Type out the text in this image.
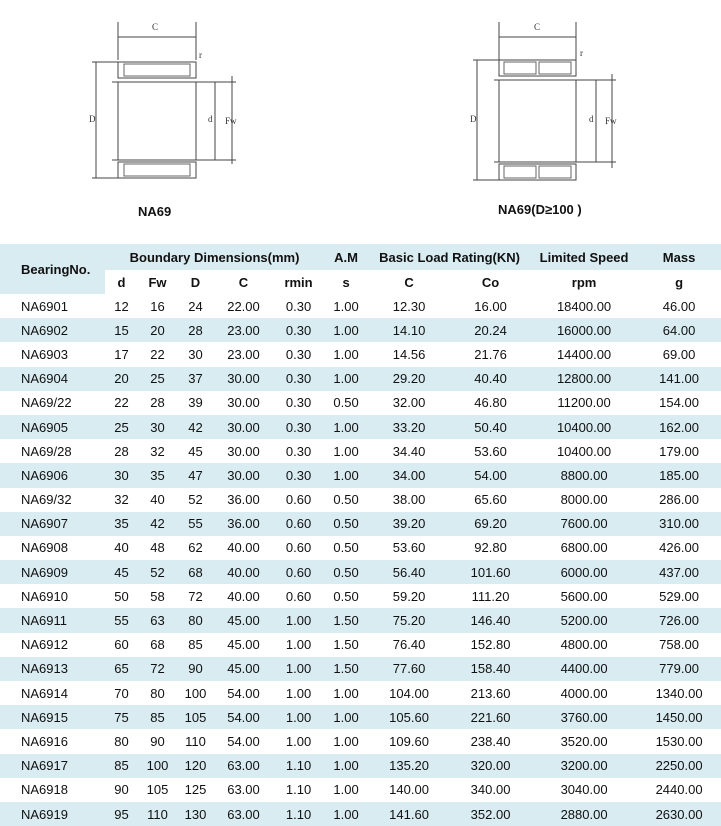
C
r
D	d Fw
NA69
C
r
D	d Fw
NA69(D≥100 )
BearingNo.	Boundary Dimensions(mm)					A.M	Basic Load Rating(KN)		Limited Speed	Mass
	d	Fw	D	C	rmin	s	C	Co	rpm	g
NA6901	12	16	24	22.00	0.30	1.00	12.30	16.00	18400.00	46.00
NA6902	15	20	28	23.00	0.30	1.00	14.10	20.24	16000.00	64.00
NA6903	17	22	30	23.00	0.30	1.00	14.56	21.76	14400.00	69.00
NA6904	20	25	37	30.00	0.30	1.00	29.20	40.40	12800.00	141.00
NA69/22	22	28	39	30.00	0.30	0.50	32.00	46.80	11200.00	154.00
NA6905	25	30	42	30.00	0.30	1.00	33.20	50.40	10400.00	162.00
NA69/28	28	32	45	30.00	0.30	1.00	34.40	53.60	10400.00	179.00
NA6906	30	35	47	30.00	0.30	1.00	34.00	54.00	8800.00	185.00
NA69/32	32	40	52	36.00	0.60	0.50	38.00	65.60	8000.00	286.00
NA6907	35	42	55	36.00	0.60	0.50	39.20	69.20	7600.00	310.00
NA6908	40	48	62	40.00	0.60	0.50	53.60	92.80	6800.00	426.00
NA6909	45	52	68	40.00	0.60	0.50	56.40	101.60	6000.00	437.00
NA6910	50	58	72	40.00	0.60	0.50	59.20	111.20	5600.00	529.00
NA6911	55	63	80	45.00	1.00	1.50	75.20	146.40	5200.00	726.00
NA6912	60	68	85	45.00	1.00	1.50	76.40	152.80	4800.00	758.00
NA6913	65	72	90	45.00	1.00	1.50	77.60	158.40	4400.00	779.00
NA6914	70	80	100	54.00	1.00	1.00	104.00	213.60	4000.00	1340.00
NA6915	75	85	105	54.00	1.00	1.00	105.60	221.60	3760.00	1450.00
NA6916	80	90	110	54.00	1.00	1.00	109.60	238.40	3520.00	1530.00
NA6917	85	100	120	63.00	1.10	1.00	135.20	320.00	3200.00	2250.00
NA6918	90	105	125	63.00	1.10	1.00	140.00	340.00	3040.00	2440.00
NA6919	95	110	130	63.00	1.10	1.00	141.60	352.00	2880.00	2630.00
